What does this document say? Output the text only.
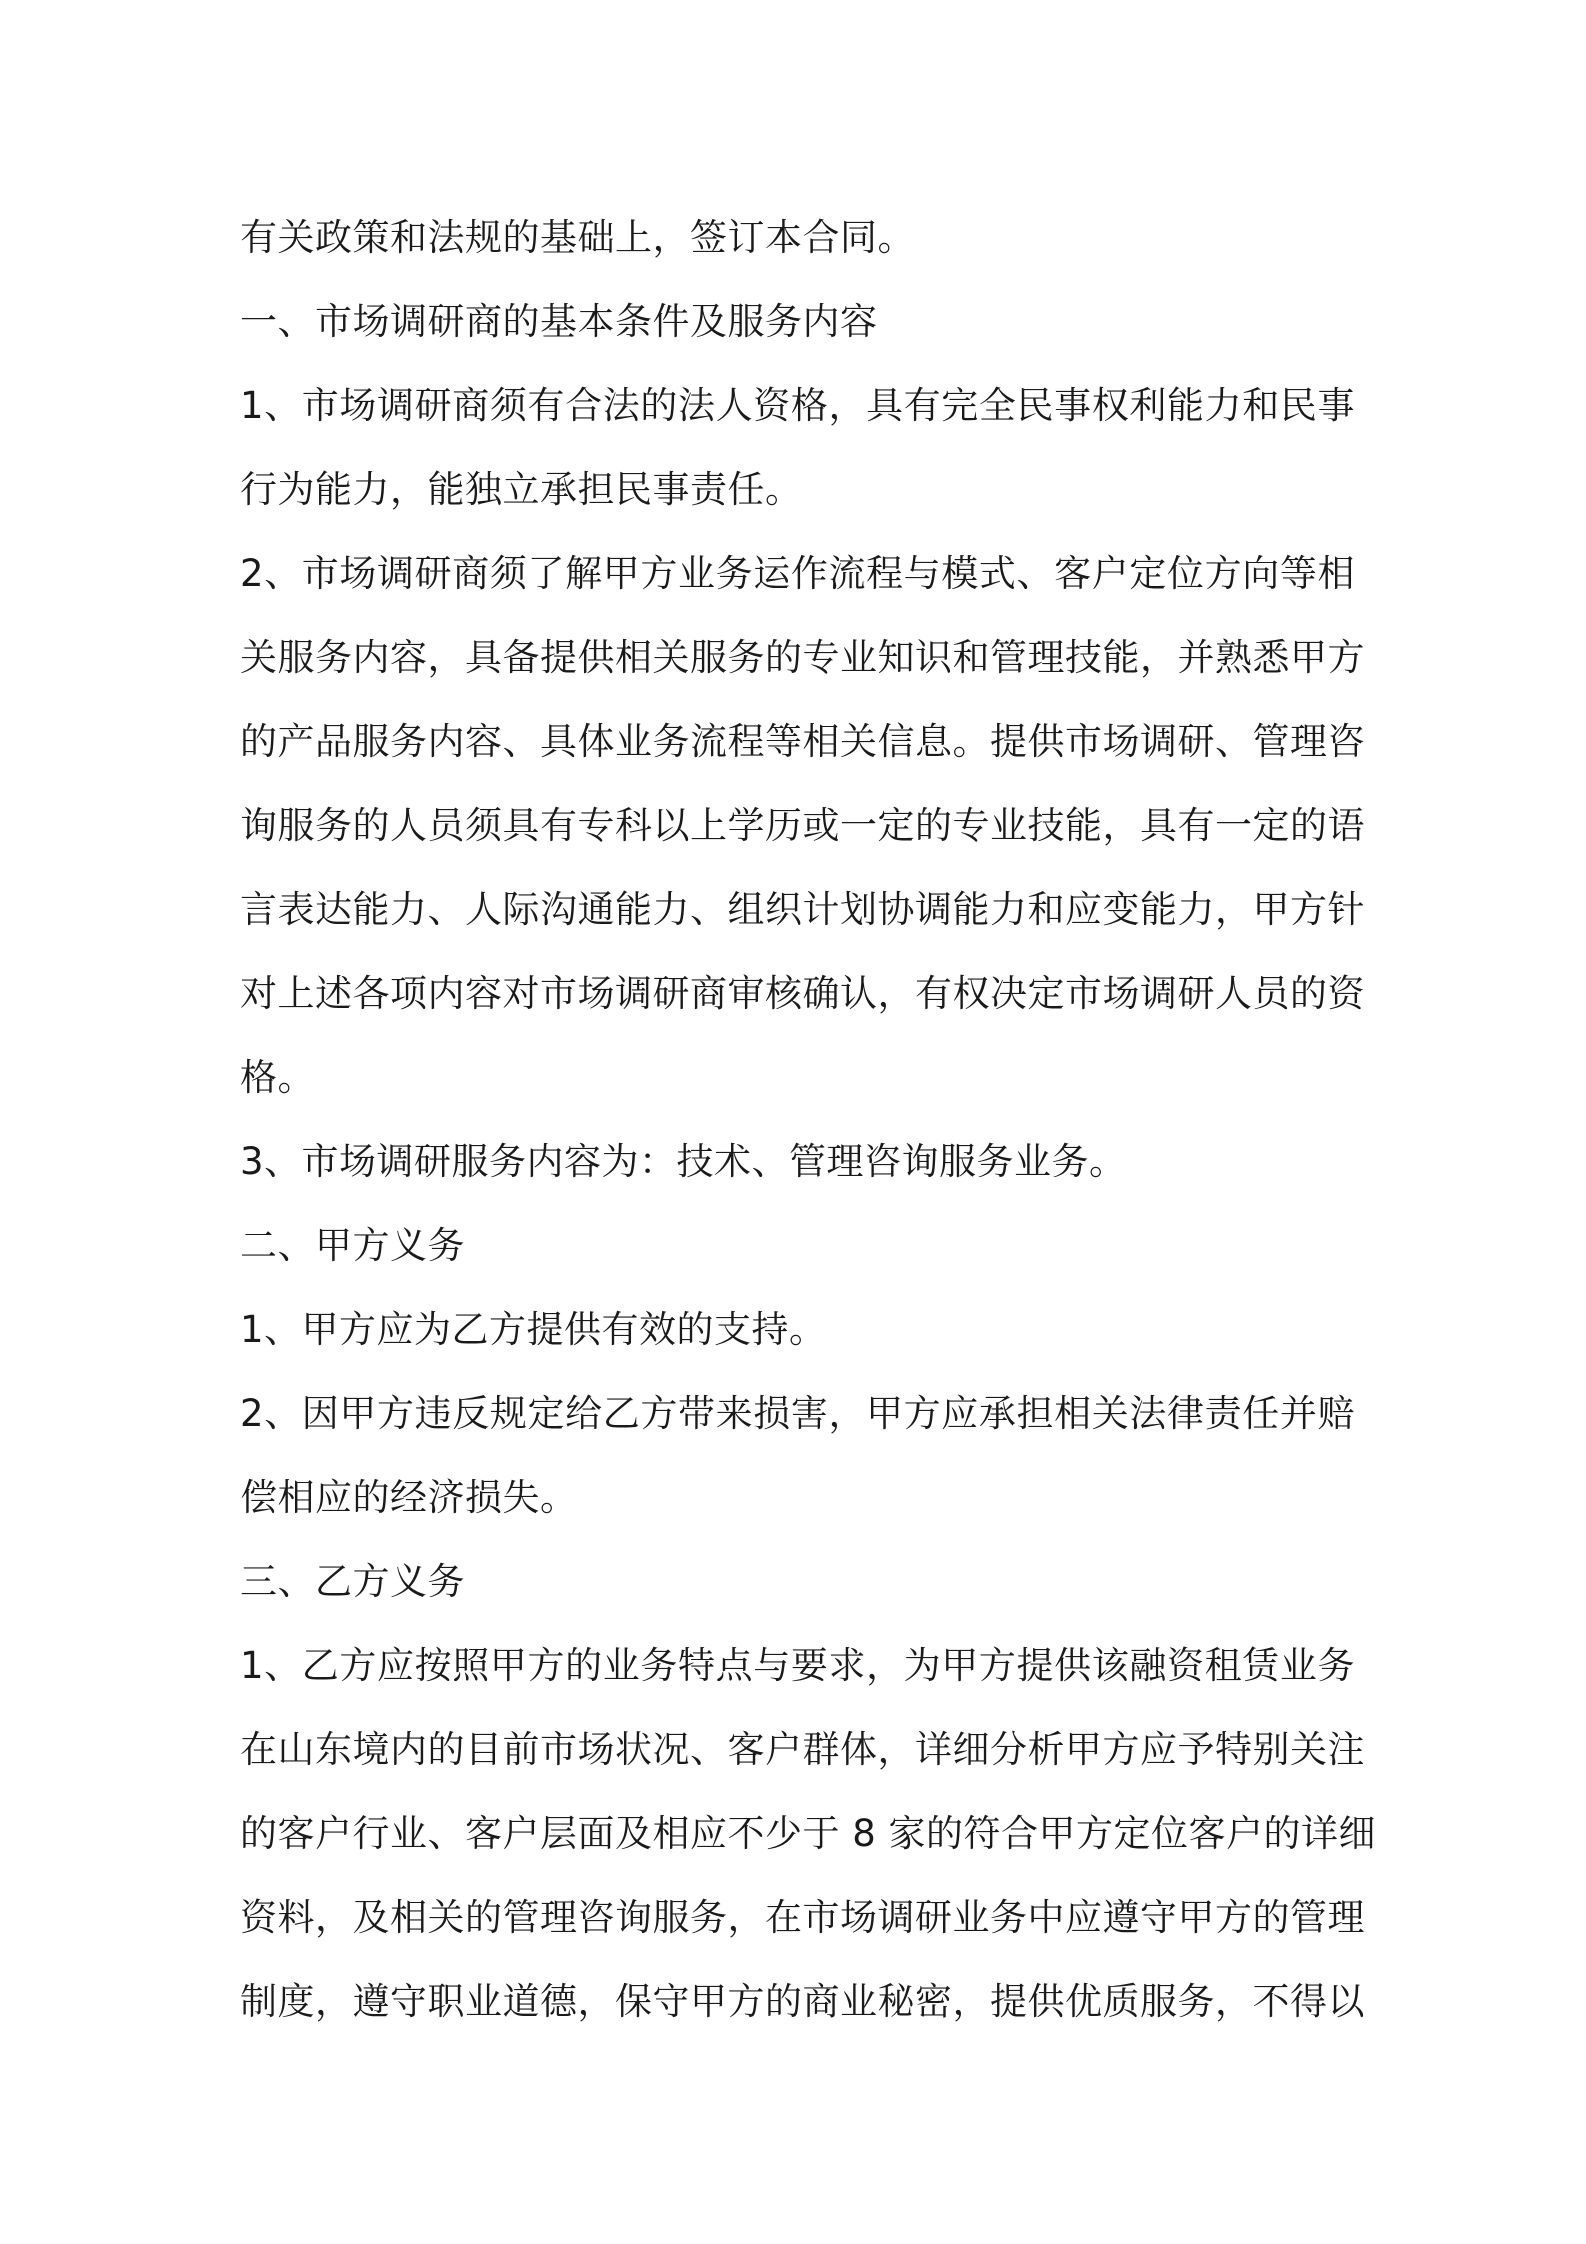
有关政策和法规的基础上，签订本合同。

一、市场调研商的基本条件及服务内容

1、市场调研商须有合法的法人资格，具有完全民事权利能力和民事
行为能力，能独立承担民事责任。

2、市场调研商须了解甲方业务运作流程与模式、客户定位方向等相
关服务内容，具备提供相关服务的专业知识和管理技能，并熟悉甲方
的产品服务内容、具体业务流程等相关信息。提供市场调研、管理咨
询服务的人员须具有专科以上学历或一定的专业技能，具有一定的语
言表达能力、人际沟通能力、组织计划协调能力和应变能力，甲方针
对上述各项内容对市场调研商审核确认，有权决定市场调研人员的资
格。

3、市场调研服务内容为：技术、管理咨询服务业务。

二、甲方义务

1、甲方应为乙方提供有效的支持。

2、因甲方违反规定给乙方带来损害，甲方应承担相关法律责任并赔
偿相应的经济损失。

三、乙方义务

1、乙方应按照甲方的业务特点与要求，为甲方提供该融资租赁业务
在山东境内的目前市场状况、客户群体，详细分析甲方应予特别关注
的客户行业、客户层面及相应不少于 8 家的符合甲方定位客户的详细
资料，及相关的管理咨询服务，在市场调研业务中应遵守甲方的管理
制度，遵守职业道德，保守甲方的商业秘密，提供优质服务，不得以
